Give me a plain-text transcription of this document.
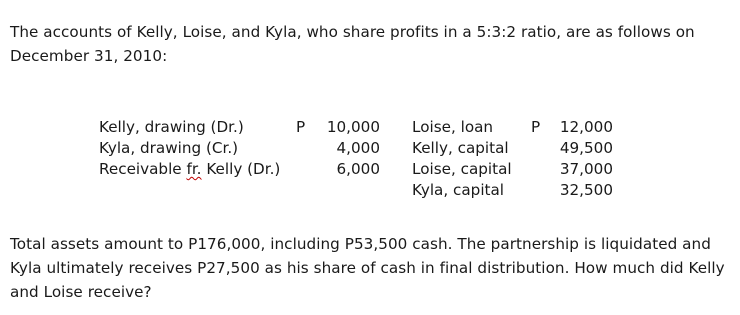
The accounts of Kelly, Loise, and Kyla, who share profits in a 5:3:2 ratio, are as follows on
December 31, 2010:
Kelly, drawing (Dr.)
Kyla, drawing (Cr.)
Receivable fr. Kelly (Dr.)
P 10,000
4,000
6,000
Loise, loan
Kelly, capital
Loise, capital
Kyla, capital
P 12,000
49,500
37,000
32,500
Total assets amount to P176,000, including P53,500 cash. The partnership is liquidated and
Kyla ultimately receives P27,500 as his share of cash in final distribution. How much did Kelly
and Loise receive?
